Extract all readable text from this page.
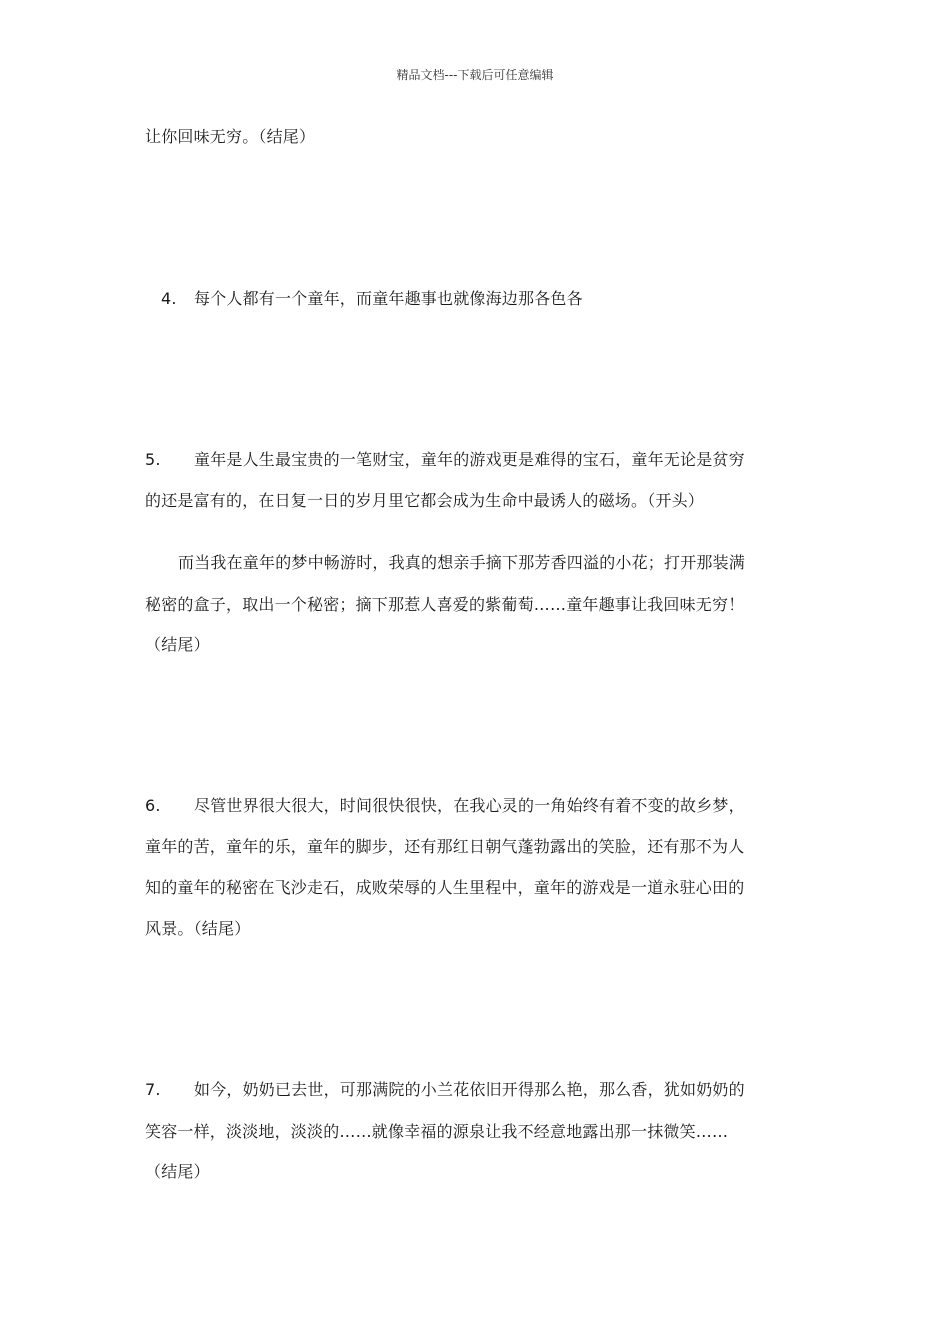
精品文档---下载后可任意编辑
让你回味无穷。（结尾）
4. 每个人都有一个童年，而童年趣事也就像海边那各色各
5. 童年是人生最宝贵的一笔财宝，童年的游戏更是难得的宝石，童年无论是贫穷
的还是富有的，在日复一日的岁月里它都会成为生命中最诱人的磁场。（开头）
而当我在童年的梦中畅游时，我真的想亲手摘下那芳香四溢的小花；打开那装满
秘密的盒子，取出一个秘密；摘下那惹人喜爱的紫葡萄……童年趣事让我回味无穷！
（结尾）
6. 尽管世界很大很大，时间很快很快，在我心灵的一角始终有着不变的故乡梦，
童年的苦，童年的乐，童年的脚步，还有那红日朝气蓬勃露出的笑脸，还有那不为人
知的童年的秘密在飞沙走石，成败荣辱的人生里程中，童年的游戏是一道永驻心田的
风景。（结尾）
7. 如今，奶奶已去世，可那满院的小兰花依旧开得那么艳，那么香，犹如奶奶的
笑容一样，淡淡地，淡淡的……就像幸福的源泉让我不经意地露出那一抹微笑……
（结尾）
